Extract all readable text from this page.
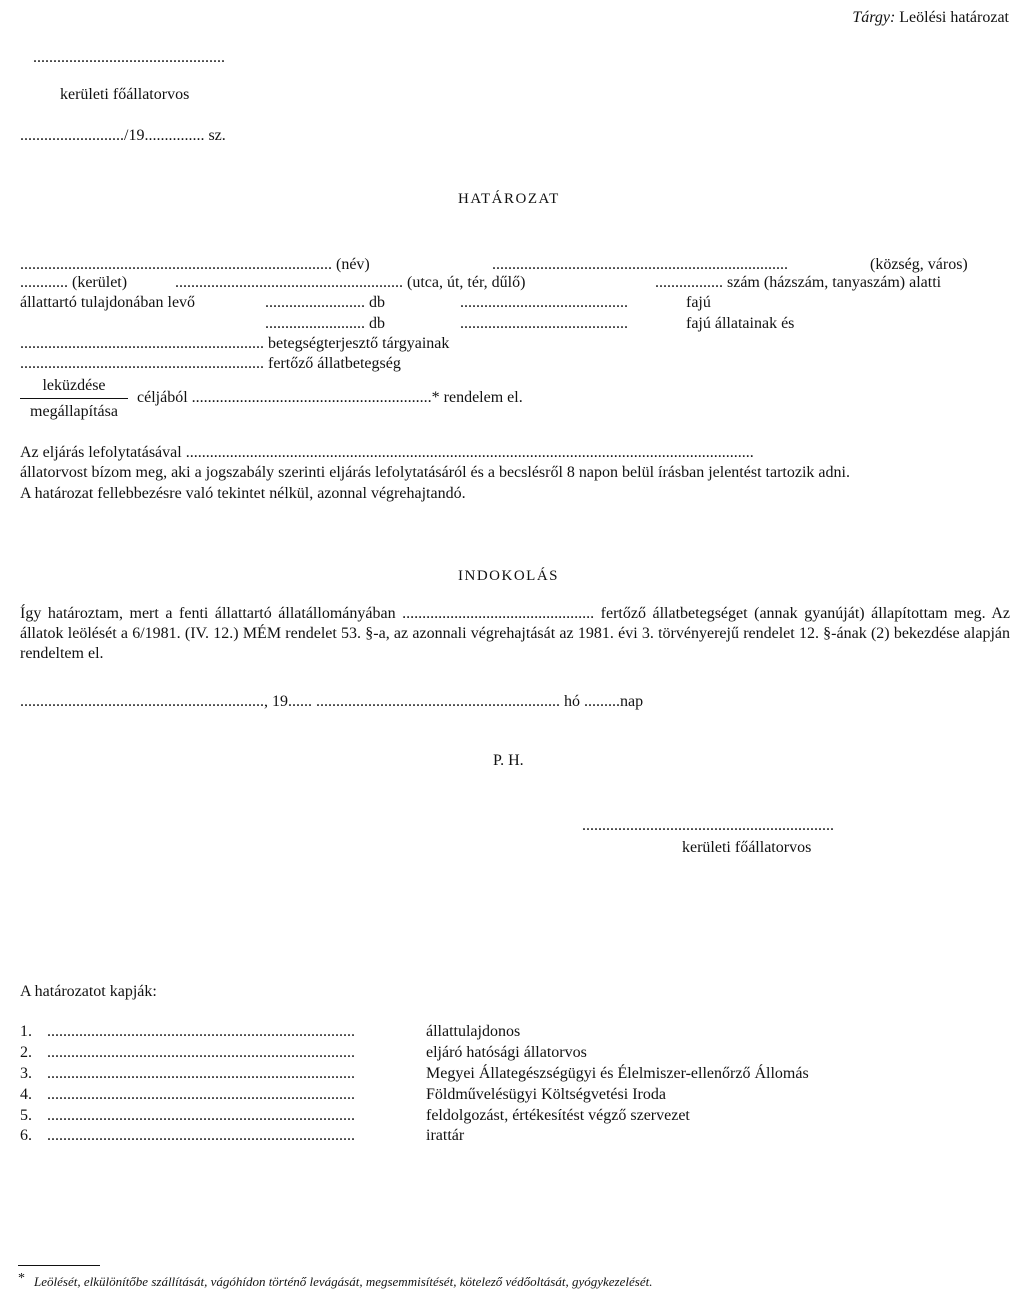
Tárgy: Leölési határozat
................................................
kerületi főállatorvos
........................../19............... sz.
HATÁROZAT
.............................................................................. (név)	..........................................................................	(község, város)
............ (kerület)	......................................................... (utca, út, tér, dűlő)	................. szám (házszám, tanyaszám) alatti
állattartó tulajdonában levő	......................... db	..........................................	fajú
......................... db	..........................................	fajú állatainak és
............................................................. betegségterjesztő tárgyainak
............................................................. fertőző állatbetegség
leküzdése
megállapítása
céljából ............................................................* rendelem el.
Az eljárás lefolytatásával ..............................................................................................................................................
állatorvost bízom meg, aki a jogszabály szerinti eljárás lefolytatásáról és a becslésről 8 napon belül írásban jelentést tartozik adni.
A határozat fellebbezésre való tekintet nélkül, azonnal végrehajtandó.
INDOKOLÁS
Így határoztam, mert a fenti állattartó állatállományában ................................................ fertőző állatbetegséget (annak gyanúját) állapítottam meg. Az állatok leölését a 6/1981. (IV. 12.) MÉM rendelet 53. §-a, az azonnali végrehajtását az 1981. évi 3. törvényerejű rendelet 12. §-ának (2) bekezdése alapján rendeltem el.
............................................................., 19...... ............................................................. hó .........nap
P. H.
...............................................................
kerületi főállatorvos
A határozatot kapják:
1. .............................................................................	állattulajdonos
2. .............................................................................	eljáró hatósági állatorvos
3. .............................................................................	Megyei Állategészségügyi és Élelmiszer-ellenőrző Állomás
4. .............................................................................	Földművelésügyi Költségvetési Iroda
5. .............................................................................	feldolgozást, értékesítést végző szervezet
6. .............................................................................	irattár
* Leölését, elkülönítőbe szállítását, vágóhídon történő levágását, megsemmisítését, kötelező védőoltását, gyógykezelését.
